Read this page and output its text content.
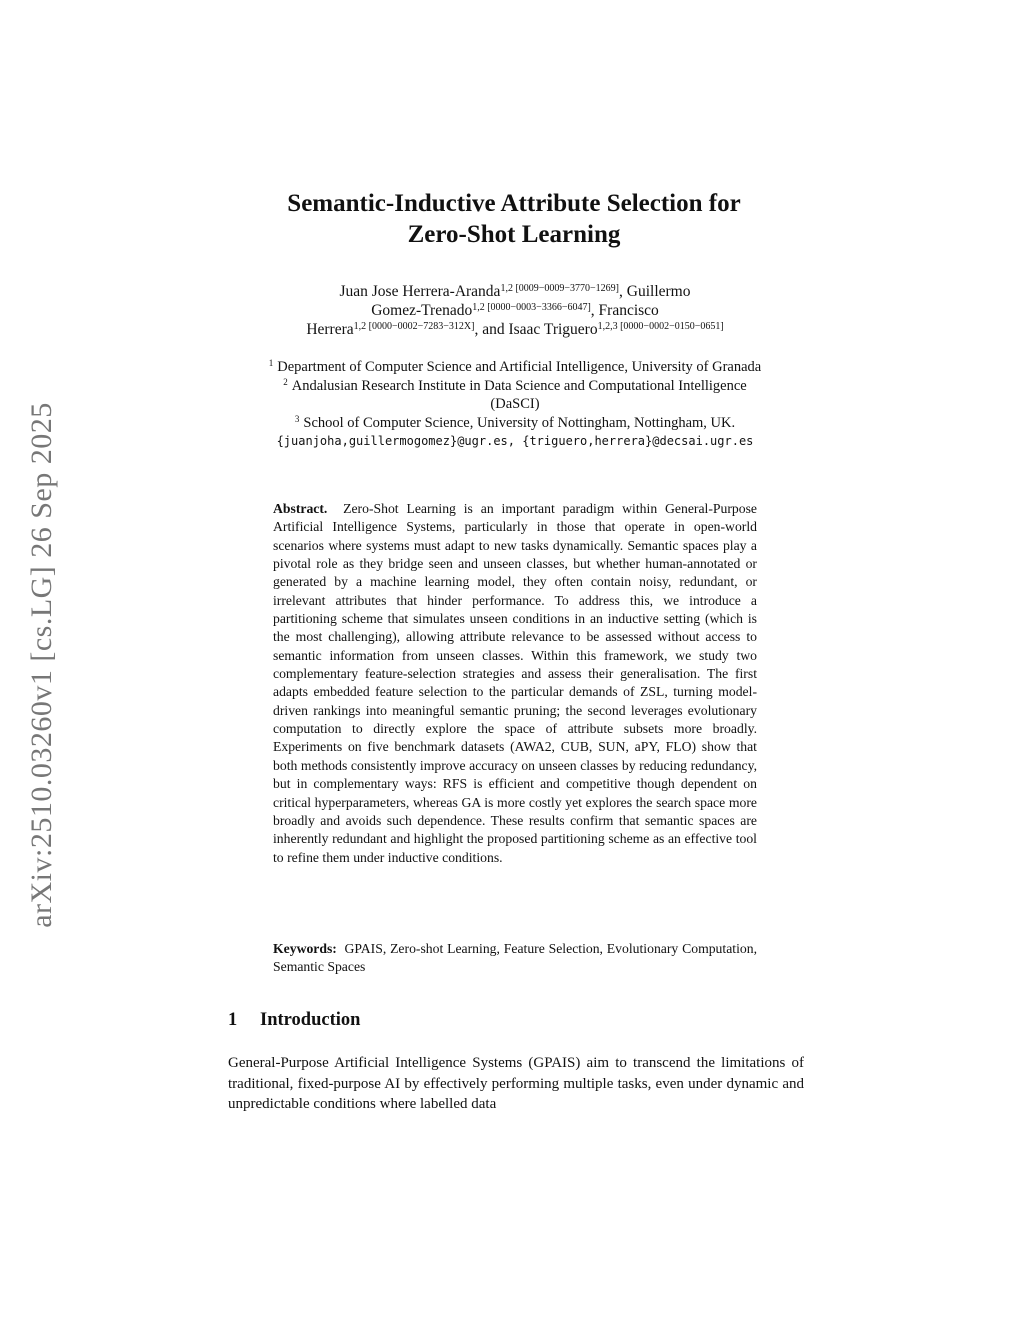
arXiv:2510.03260v1 [cs.LG] 26 Sep 2025
Semantic-Inductive Attribute Selection for
Zero-Shot Learning
Juan Jose Herrera-Aranda$^{1,2 [0009-0009-3770-1269]}$, Guillermo
Gomez-Trenado$^{1,2 [0000-0003-3366-6047]}$, Francisco
Herrera$^{1,2 [0000-0002-7283-312X]}$, and Isaac Triguero$^{1,2,3 [0000-0002-0150-0651]}$
$^1$ Department of Computer Science and Artificial Intelligence, University of Granada
$^2$ Andalusian Research Institute in Data Science and Computational Intelligence
(DaSCI)
$^3$ School of Computer Science, University of Nottingham, Nottingham, UK.
{juanjoha,guillermogomez}@ugr.es, {triguero,herrera}@decsai.ugr.es

Abstract. Zero-Shot Learning is an important paradigm within General-Purpose Artificial Intelligence Systems, particularly in those that operate in open-world scenarios where systems must adapt to new tasks dynamically. Semantic spaces play a pivotal role as they bridge seen and unseen classes, but whether human-annotated or generated by a machine learning model, they often contain noisy, redundant, or irrelevant attributes that hinder performance. To address this, we introduce a partitioning scheme that simulates unseen conditions in an inductive setting (which is the most challenging), allowing attribute relevance to be assessed without access to semantic information from unseen classes. Within this framework, we study two complementary feature-selection strategies and assess their generalisation. The first adapts embedded feature selection to the particular demands of ZSL, turning model-driven rankings into meaningful semantic pruning; the second leverages evolutionary computation to directly explore the space of attribute subsets more broadly. Experiments on five benchmark datasets (AWA2, CUB, SUN, aPY, FLO) show that both methods consistently improve accuracy on unseen classes by reducing redundancy, but in complementary ways: RFS is efficient and competitive though dependent on critical hyperparameters, whereas GA is more costly yet explores the search space more broadly and avoids such dependence. These results confirm that semantic spaces are inherently redundant and highlight the proposed partitioning scheme as an effective tool to refine them under inductive conditions.

Keywords: GPAIS, Zero-shot Learning, Feature Selection, Evolutionary Computation, Semantic Spaces

1 Introduction

General-Purpose Artificial Intelligence Systems (GPAIS) aim to transcend the limitations of traditional, fixed-purpose AI by effectively performing multiple tasks, even under dynamic and unpredictable conditions where labelled data
